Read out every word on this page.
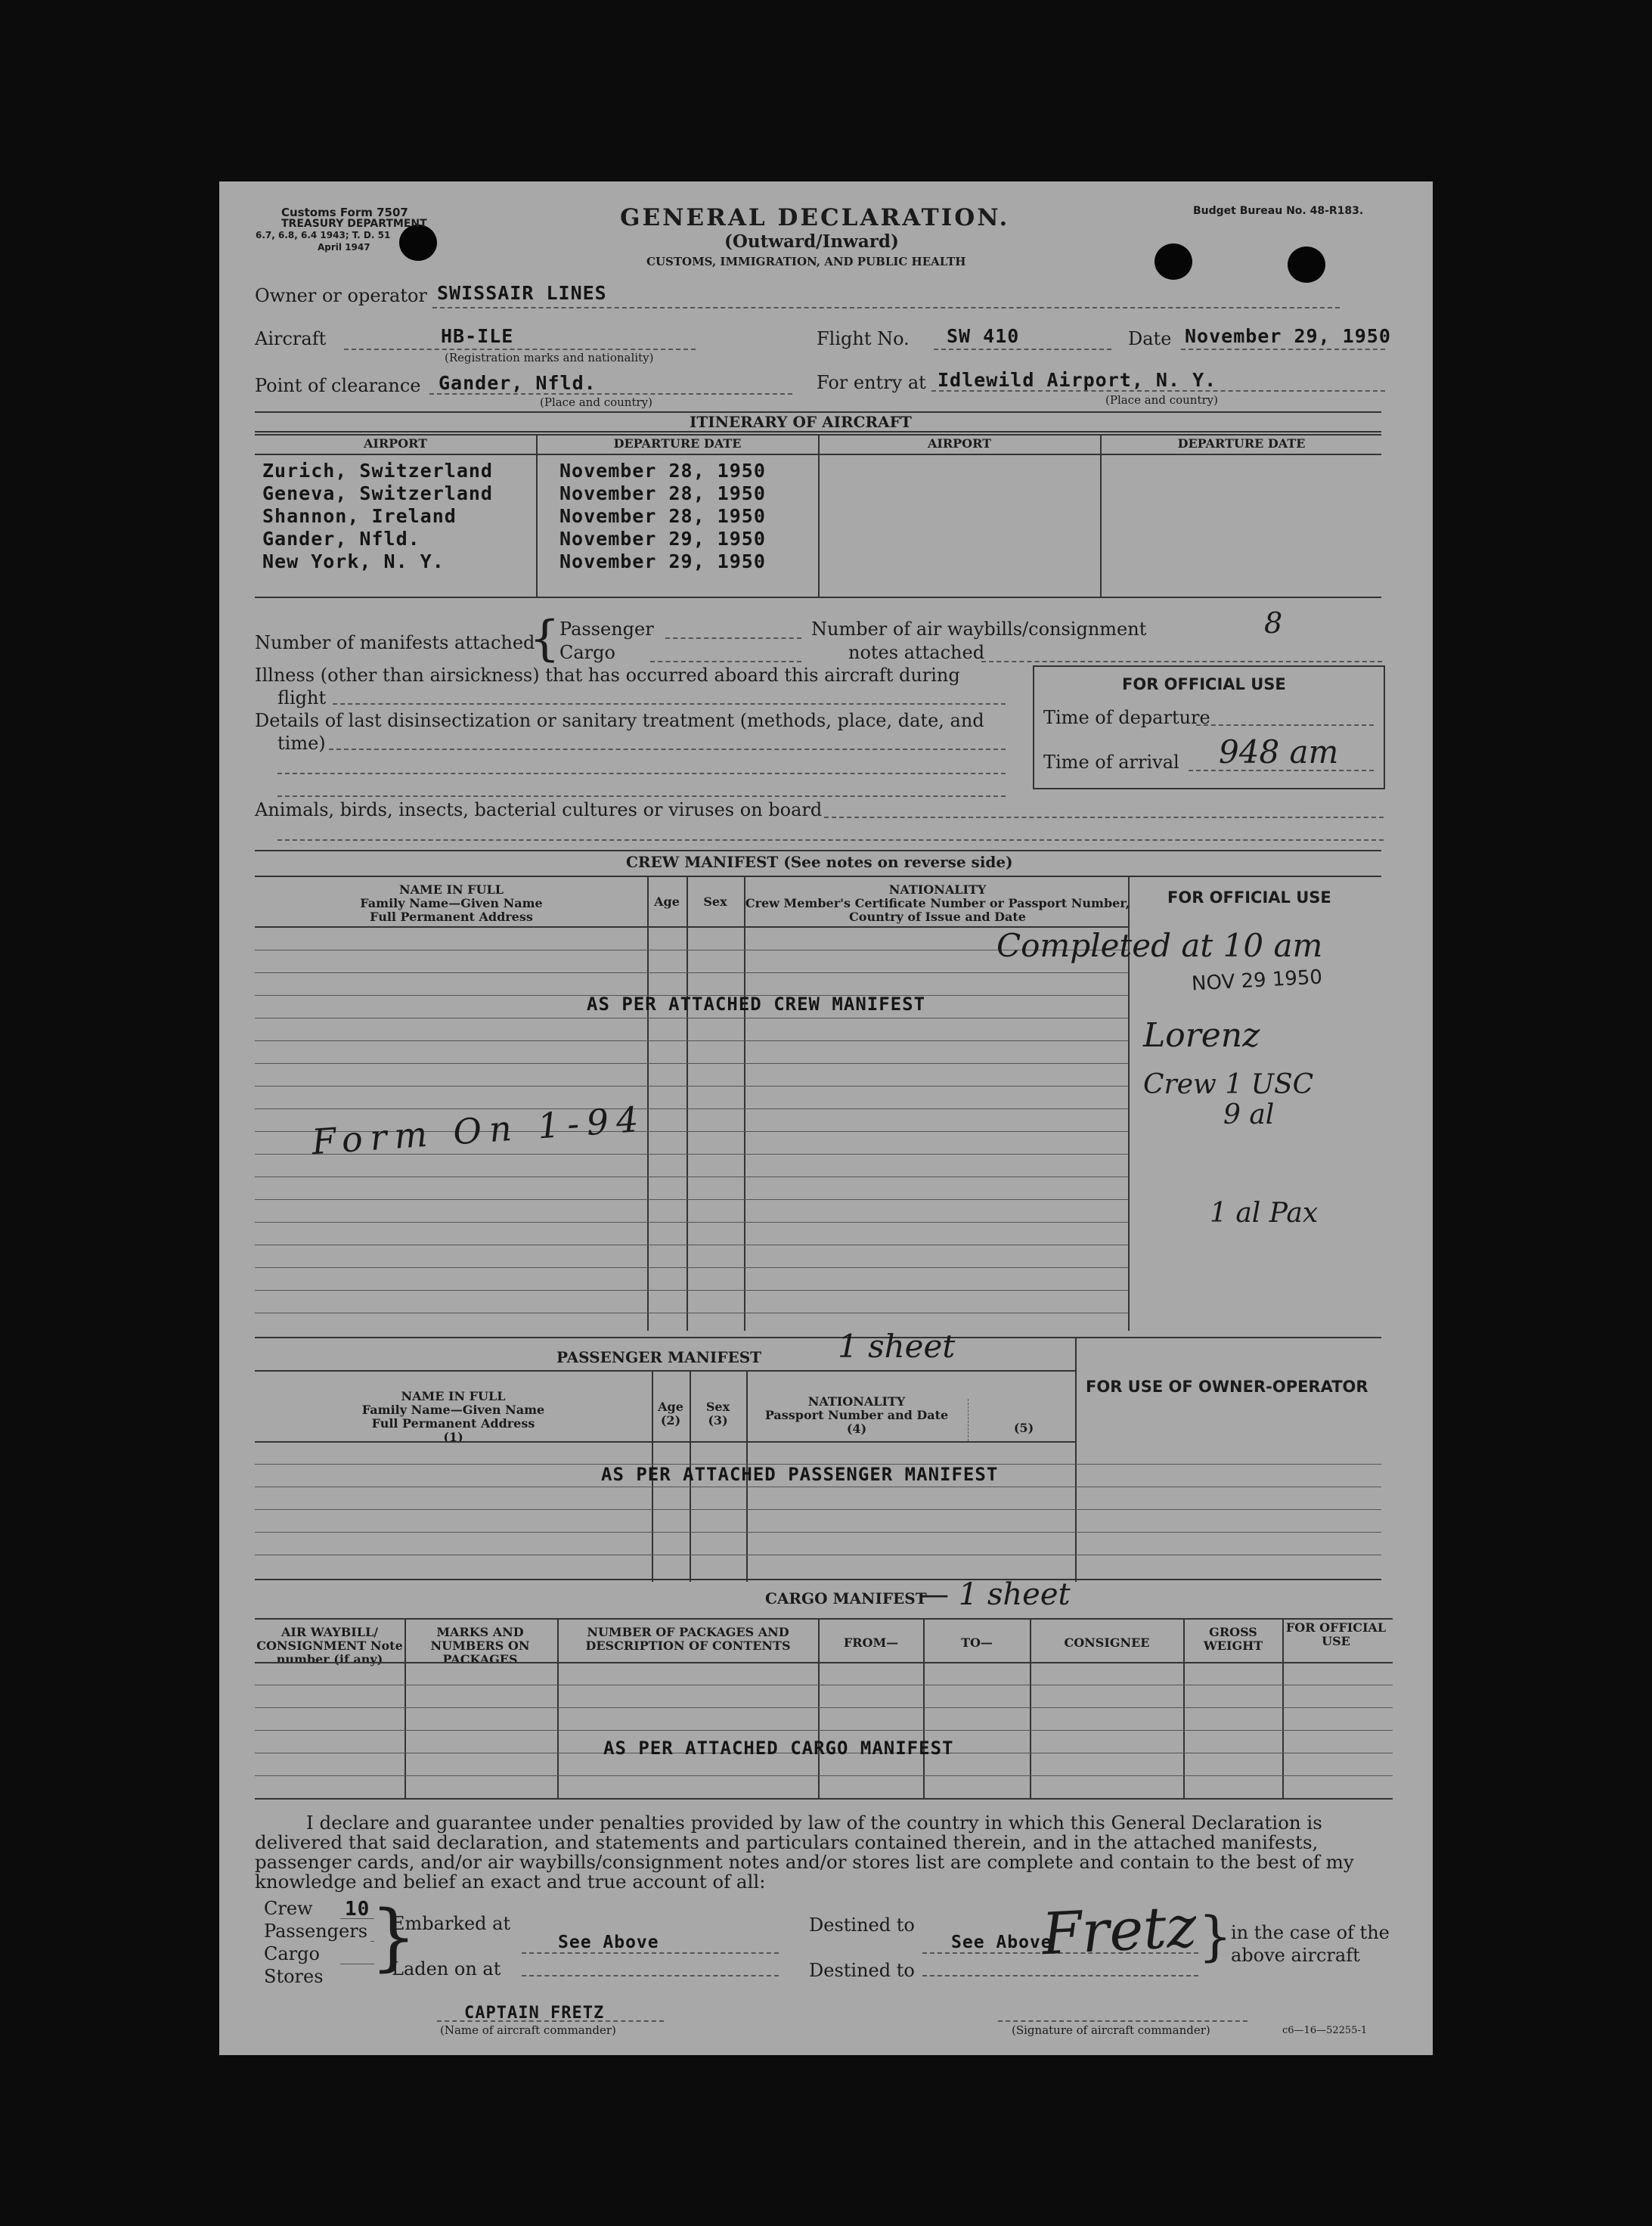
Customs Form 7507
TREASURY DEPARTMENT
6.7, 6.8, 6.4 1943; T. D. 51
April 1947
GENERAL DECLARATION.
(Outward/Inward)
CUSTOMS, IMMIGRATION, AND PUBLIC HEALTH
Budget Bureau No. 48-R183.
Owner or operator SWISSAIR LINES
Aircraft	HB-ILE
(Registration marks and nationality)
Flight No. SW 410	Date November 29, 1950
Point of clearance Gander, Nfld.
(Place and country)
For entry at Idlewild Airport, N. Y.
(Place and country)
ITINERARY OF AIRCRAFT
AIRPORT	DEPARTURE DATE	AIRPORT	DEPARTURE DATE
Zurich, Switzerland	November 28, 1950
Geneva, Switzerland	November 28, 1950
Shannon, Ireland	November 28, 1950
Gander, Nfld.	November 29, 1950
New York, N. Y.	November 29, 1950
Number of manifests attached
{ Passenger
Cargo
Number of air waybills/consignment
notes attached
8
Illness (other than airsickness) that has occurred aboard this aircraft during
flight
Details of last disinsectization or sanitary treatment (methods, place, date, and
time)
Animals, birds, insects, bacterial cultures or viruses on board
FOR OFFICIAL USE
Time of departure
Time of arrival 948 am
CREW MANIFEST (See notes on reverse side)
NAME IN FULL
Family Name—Given Name
Full Permanent Address
Age	Sex
NATIONALITY
Crew Member's Certificate Number or Passport Number,
Country of Issue and Date
FOR OFFICIAL USE
AS PER ATTACHED CREW MANIFEST
Form On 1-94
Completed at 10 am
NOV 29 1950
Lorenz
Crew 1 USC
9 al
1 al Pax
PASSENGER MANIFEST 1 sheet
NAME IN FULL
Family Name—Given Name
Full Permanent Address
(1)
Age
(2)
Sex
(3)
NATIONALITY
Passport Number and Date
(4)	(5)
FOR USE OF OWNER-OPERATOR
AS PER ATTACHED PASSENGER MANIFEST
CARGO MANIFEST
— 1 sheet
AIR WAYBILL/ CONSIGNMENT Note number (if any)
MARKS AND NUMBERS ON PACKAGES
NUMBER OF PACKAGES AND DESCRIPTION OF CONTENTS	FROM—	TO—	CONSIGNEE
GROSS WEIGHT
FOR OFFICIAL USE
AS PER ATTACHED CARGO MANIFEST
I declare and guarantee under penalties provided by law of the country in which this General Declaration is delivered that said declaration, and statements and particulars contained therein, and in the attached manifests, passenger cards, and/or air waybills/consignment notes and/or stores list are complete and contain to the best of my knowledge and belief an exact and true account of all:
Crew 10
Passengers
Cargo
Stores }
Embarked at
See Above
Laden on at
Destined to
See Above
Destined to
}
in the case of the
above aircraft
Fretz
CAPTAIN FRETZ
(Name of aircraft commander)	(Signature of aircraft commander)	c6—16—52255-1
